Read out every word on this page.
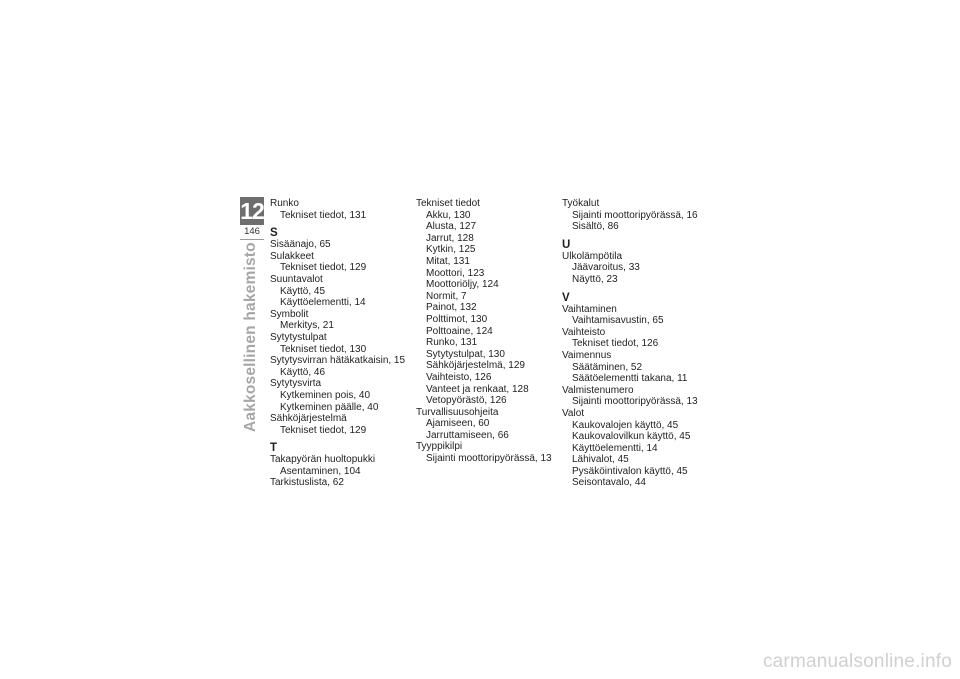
12
146
Aakkosellinen hakemisto
Runko
Tekniset tiedot, 131
S
Sisäänajo, 65
Sulakkeet
Tekniset tiedot, 129
Suuntavalot
Käyttö, 45
Käyttöelementti, 14
Symbolit
Merkitys, 21
Sytytystulpat
Tekniset tiedot, 130
Sytytysvirran hätäkatkaisin, 15
Käyttö, 46
Sytytysvirta
Kytkeminen pois, 40
Kytkeminen päälle, 40
Sähköjärjestelmä
Tekniset tiedot, 129
T
Takapyörän huoltopukki
Asentaminen, 104
Tarkistuslista, 62
Tekniset tiedot
Akku, 130
Alusta, 127
Jarrut, 128
Kytkin, 125
Mitat, 131
Moottori, 123
Moottoriöljy, 124
Normit, 7
Painot, 132
Polttimot, 130
Polttoaine, 124
Runko, 131
Sytytystulpat, 130
Sähköjärjestelmä, 129
Vaihteisto, 126
Vanteet ja renkaat, 128
Vetopyörästö, 126
Turvallisuusohjeita
Ajamiseen, 60
Jarruttamiseen, 66
Tyyppikilpi
Sijainti moottoripyörässä, 13
Työkalut
Sijainti moottoripyörässä, 16
Sisältö, 86
U
Ulkolämpötila
Jäävaroitus, 33
Näyttö, 23
V
Vaihtaminen
Vaihtamisavustin, 65
Vaihteisto
Tekniset tiedot, 126
Vaimennus
Säätäminen, 52
Säätöelementti takana, 11
Valmistenumero
Sijainti moottoripyörässä, 13
Valot
Kaukovalojen käyttö, 45
Kaukovalovilkun käyttö, 45
Käyttöelementti, 14
Lähivalot, 45
Pysäköintivalon käyttö, 45
Seisontavalo, 44
carmanualsonline.info
